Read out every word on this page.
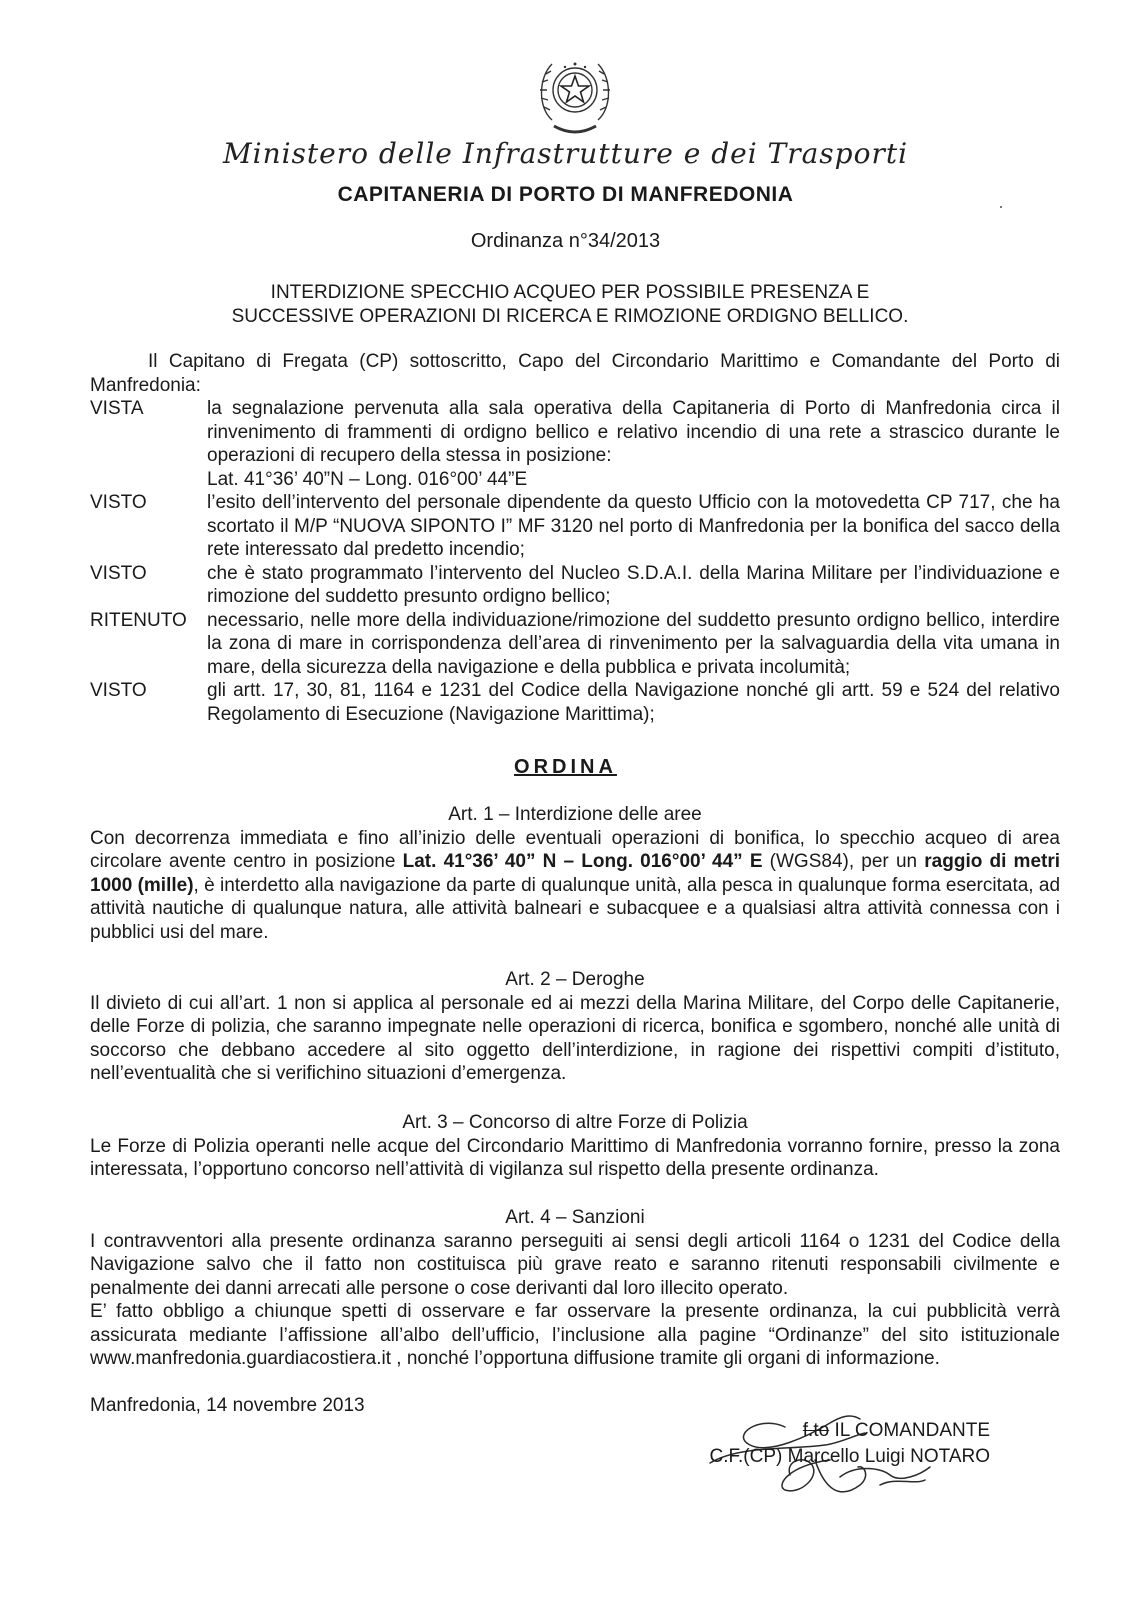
Ministero delle Infrastrutture e dei Trasporti
CAPITANERIA DI PORTO DI MANFREDONIA
Ordinanza n°34/2013
INTERDIZIONE SPECCHIO ACQUEO PER POSSIBILE PRESENZA E
SUCCESSIVE OPERAZIONI DI RICERCA E RIMOZIONE ORDIGNO BELLICO.
Il Capitano di Fregata (CP) sottoscritto, Capo del Circondario Marittimo e Comandante del Porto di Manfredonia:
VISTA	la segnalazione pervenuta alla sala operativa della Capitaneria di Porto di Manfredonia circa il rinvenimento di frammenti di ordigno bellico e relativo incendio di una rete a strascico durante le operazioni di recupero della stessa in posizione:
Lat. 41°36’ 40”N – Long. 016°00’ 44”E
VISTO	l’esito dell’intervento del personale dipendente da questo Ufficio con la motovedetta CP 717, che ha scortato il M/P “NUOVA SIPONTO I” MF 3120 nel porto di Manfredonia per la bonifica del sacco della rete interessato dal predetto incendio;
VISTO	che è stato programmato l’intervento del Nucleo S.D.A.I. della Marina Militare per l’individuazione e rimozione del suddetto presunto ordigno bellico;
RITENUTO	necessario, nelle more della individuazione/rimozione del suddetto presunto ordigno bellico, interdire la zona di mare in corrispondenza dell’area di rinvenimento per la salvaguardia della vita umana in mare, della sicurezza della navigazione e della pubblica e privata incolumità;
VISTO	gli artt. 17, 30, 81, 1164 e 1231 del Codice della Navigazione nonché gli artt. 59 e 524 del relativo Regolamento di Esecuzione (Navigazione Marittima);
ORDINA
Art. 1 – Interdizione delle aree

Con decorrenza immediata e fino all’inizio delle eventuali operazioni di bonifica, lo specchio acqueo di area circolare avente centro in posizione Lat. 41°36’ 40” N – Long. 016°00’ 44” E (WGS84), per un raggio di metri 1000 (mille), è interdetto alla navigazione da parte di qualunque unità, alla pesca in qualunque forma esercitata, ad attività nautiche di qualunque natura, alle attività balneari e subacquee e a qualsiasi altra attività connessa con i pubblici usi del mare.

Art. 2 – Deroghe

Il divieto di cui all’art. 1 non si applica al personale ed ai mezzi della Marina Militare, del Corpo delle Capitanerie, delle Forze di polizia, che saranno impegnate nelle operazioni di ricerca, bonifica e sgombero, nonché alle unità di soccorso che debbano accedere al sito oggetto dell’interdizione, in ragione dei rispettivi compiti d’istituto, nell’eventualità che si verifichino situazioni d’emergenza.

Art. 3 – Concorso di altre Forze di Polizia

Le Forze di Polizia operanti nelle acque del Circondario Marittimo di Manfredonia vorranno fornire, presso la zona interessata, l’opportuno concorso nell’attività di vigilanza sul rispetto della presente ordinanza.

Art. 4 – Sanzioni

I contravventori alla presente ordinanza saranno perseguiti ai sensi degli articoli 1164 o 1231 del Codice della Navigazione salvo che il fatto non costituisca più grave reato e saranno ritenuti responsabili civilmente e penalmente dei danni arrecati alle persone o cose derivanti dal loro illecito operato.

E’ fatto obbligo a chiunque spetti di osservare e far osservare la presente ordinanza, la cui pubblicità verrà assicurata mediante l’affissione all’albo dell’ufficio, l’inclusione alla pagine “Ordinanze” del sito istituzionale www.manfredonia.guardiacostiera.it , nonché l’opportuna diffusione tramite gli organi di informazione.

Manfredonia, 14 novembre 2013
f.to IL COMANDANTE
C.F.(CP) Marcello Luigi NOTARO
